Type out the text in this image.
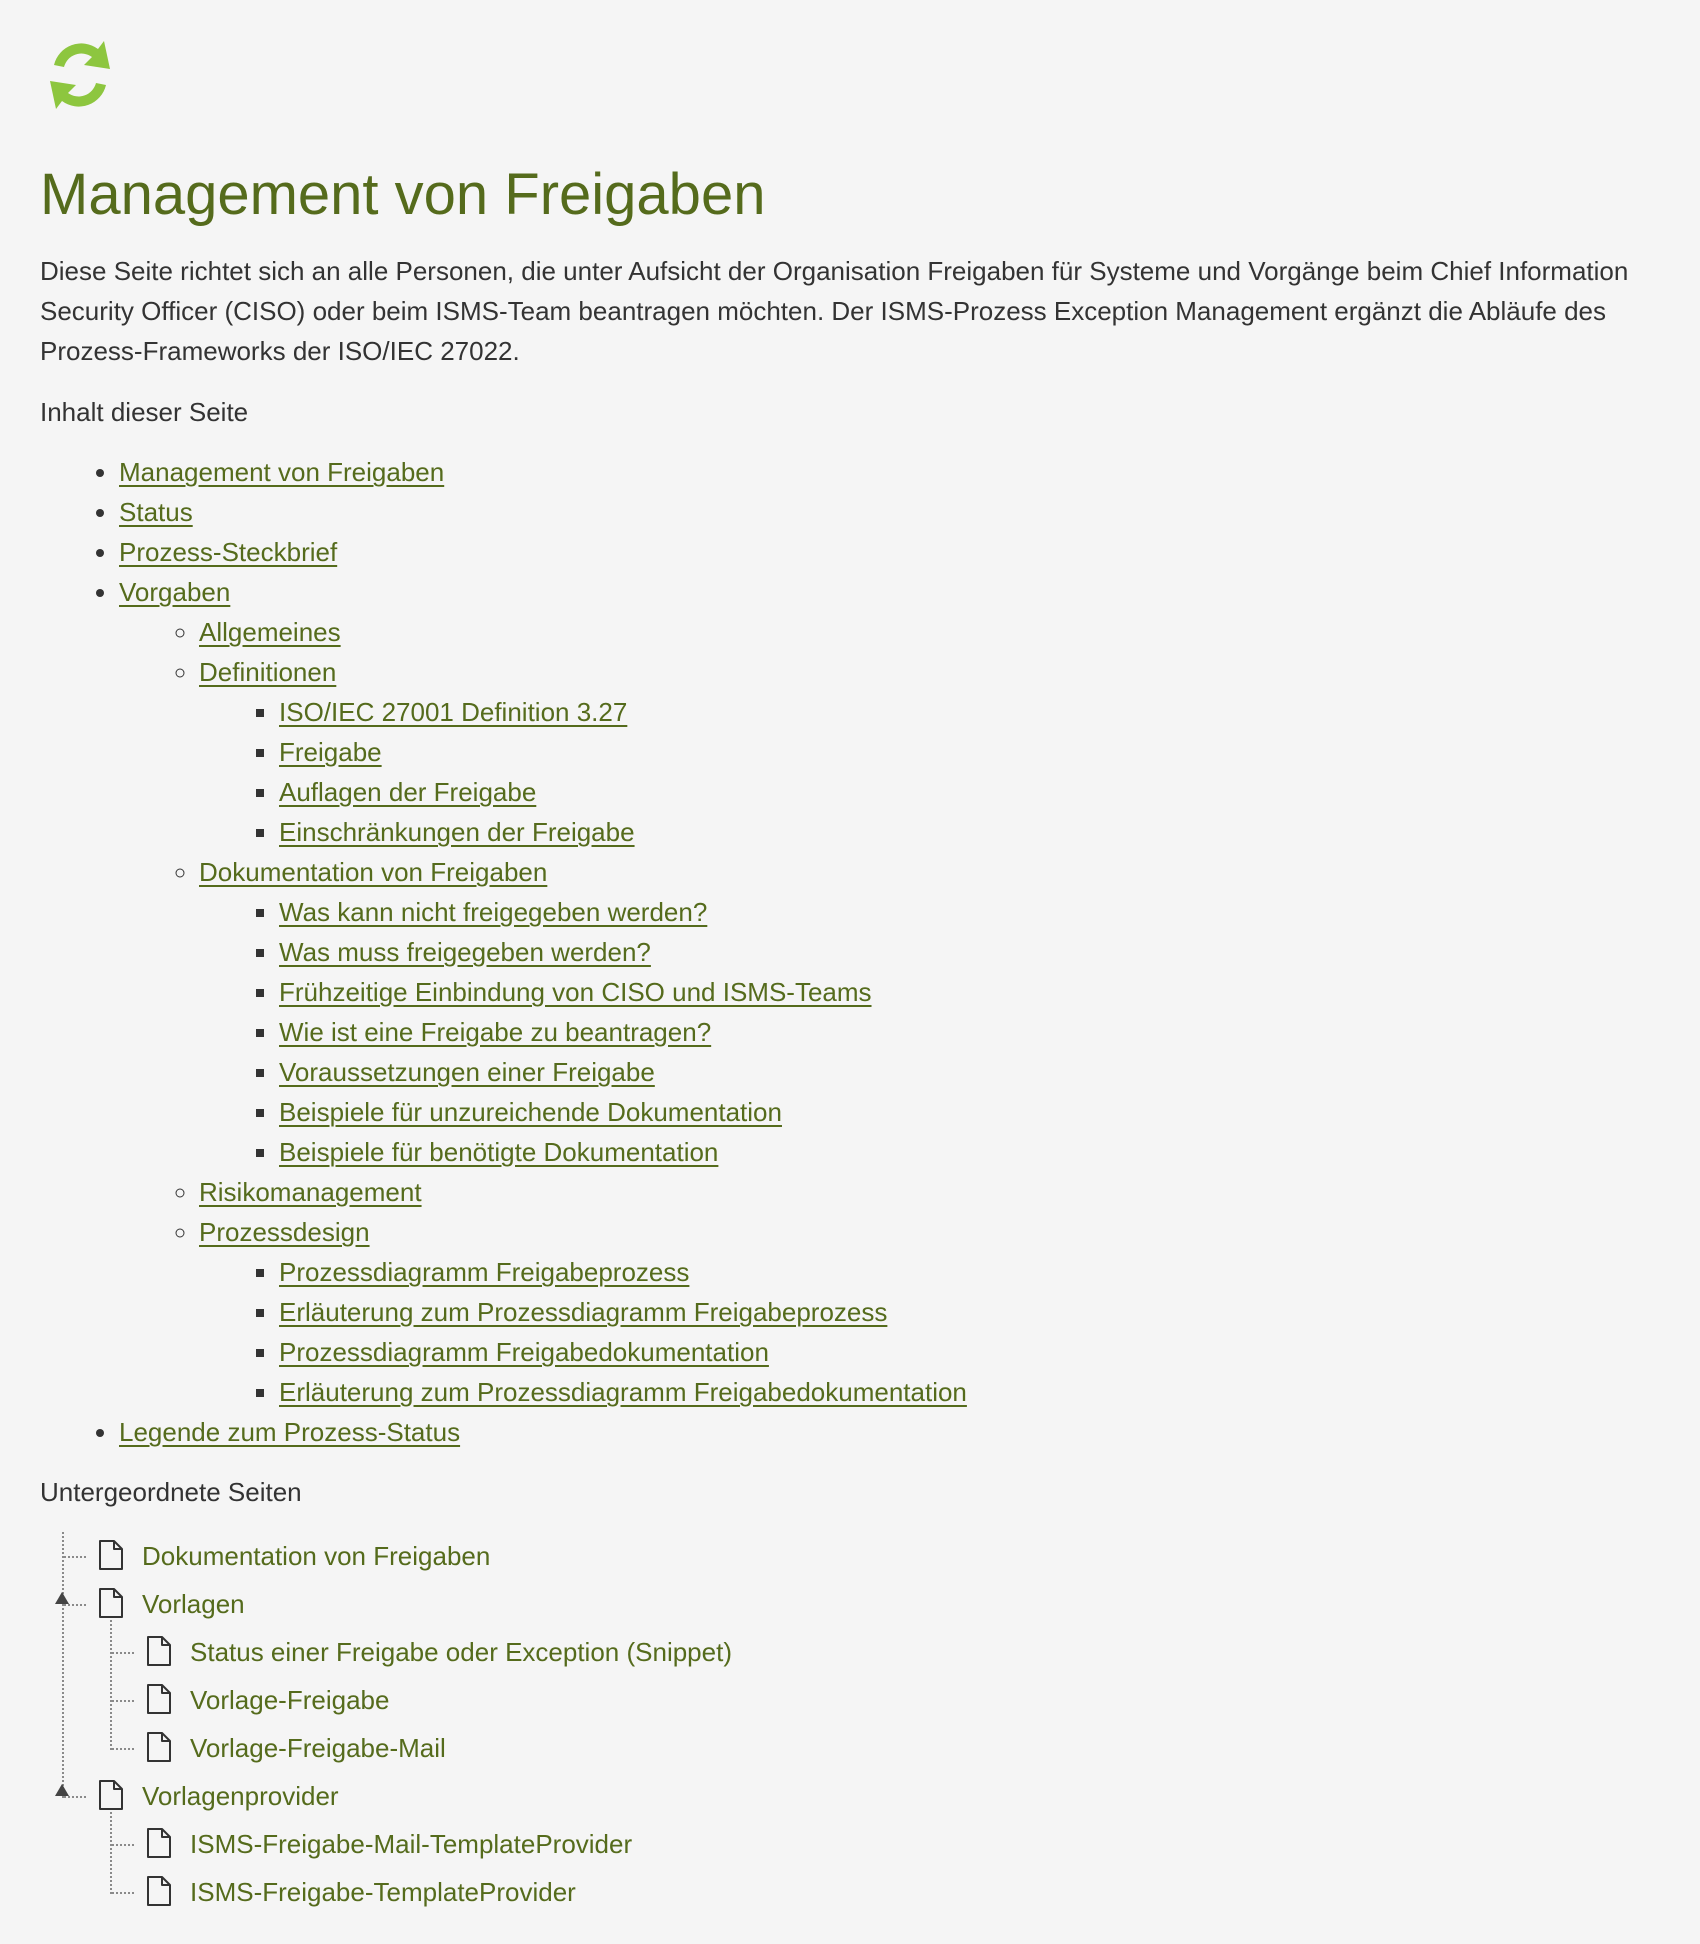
Management von Freigaben

Diese Seite richtet sich an alle Personen, die unter Aufsicht der Organisation Freigaben für Systeme und Vorgänge beim Chief Information Security Officer (CISO) oder beim ISMS-Team beantragen möchten. Der ISMS-Prozess Exception Management ergänzt die Abläufe des Prozess-Frameworks der ISO/IEC 27022.

Inhalt dieser Seite

• Management von Freigaben
• Status
• Prozess-Steckbrief
• Vorgaben
◦ Allgemeines
◦ Definitionen
▪ ISO/IEC 27001 Definition 3.27
▪ Freigabe
▪ Auflagen der Freigabe
▪ Einschränkungen der Freigabe
◦ Dokumentation von Freigaben
▪ Was kann nicht freigegeben werden?
▪ Was muss freigegeben werden?
▪ Frühzeitige Einbindung von CISO und ISMS-Teams
▪ Wie ist eine Freigabe zu beantragen?
▪ Voraussetzungen einer Freigabe
▪ Beispiele für unzureichende Dokumentation
▪ Beispiele für benötigte Dokumentation
◦ Risikomanagement
◦ Prozessdesign
▪ Prozessdiagramm Freigabeprozess
▪ Erläuterung zum Prozessdiagramm Freigabeprozess
▪ Prozessdiagramm Freigabedokumentation
▪ Erläuterung zum Prozessdiagramm Freigabedokumentation
• Legende zum Prozess-Status

Untergeordnete Seiten

Dokumentation von Freigaben
Vorlagen
Status einer Freigabe oder Exception (Snippet)
Vorlage-Freigabe
Vorlage-Freigabe-Mail
Vorlagenprovider
ISMS-Freigabe-Mail-TemplateProvider
ISMS-Freigabe-TemplateProvider
